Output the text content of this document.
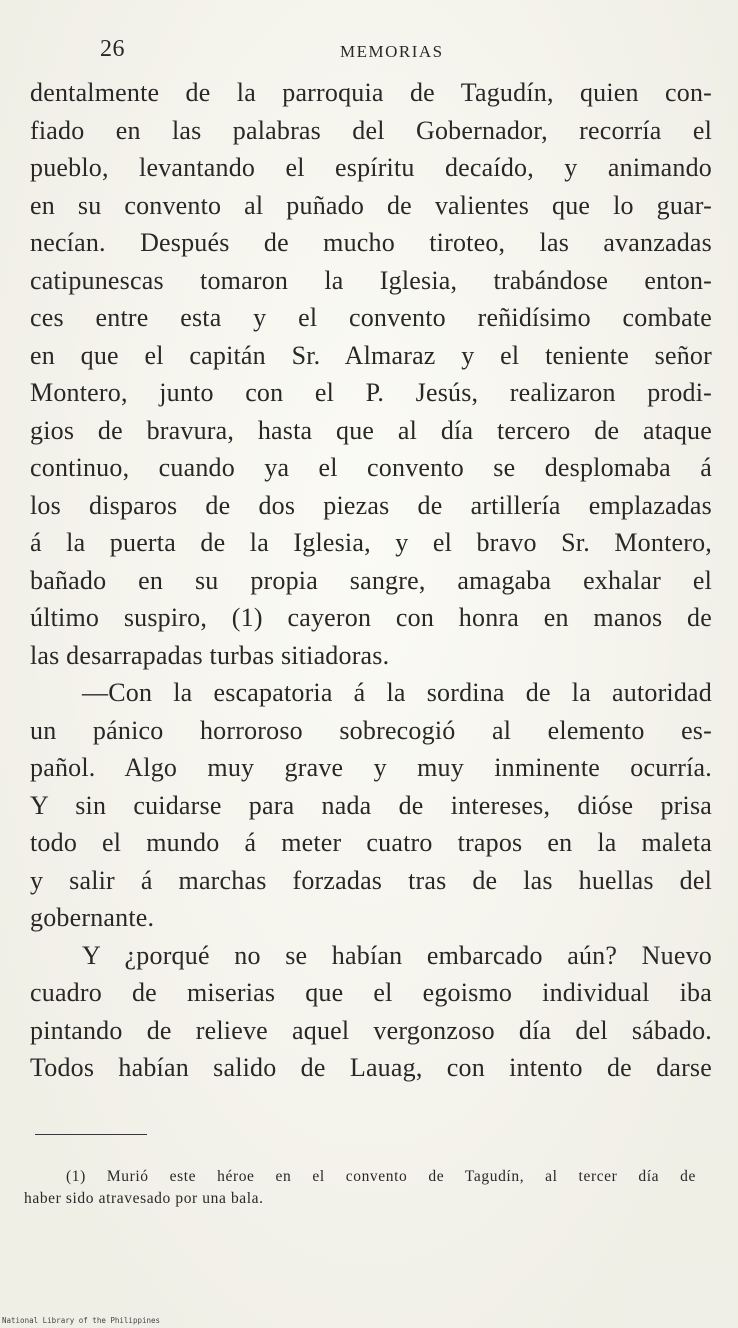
26	MEMORIAS
dentalmente de la parroquia de Tagudín, quien con-
fiado en las palabras del Gobernador, recorría el
pueblo, levantando el espíritu decaído, y animando
en su convento al puñado de valientes que lo guar-
necían. Después de mucho tiroteo, las avanzadas
catipunescas tomaron la Iglesia, trabándose enton-
ces entre esta y el convento reñidísimo combate
en que el capitán Sr. Almaraz y el teniente señor
Montero, junto con el P. Jesús, realizaron prodi-
gios de bravura, hasta que al día tercero de ataque
continuo, cuando ya el convento se desplomaba á
los disparos de dos piezas de artillería emplazadas
á la puerta de la Iglesia, y el bravo Sr. Montero,
bañado en su propia sangre, amagaba exhalar el
último suspiro, (1) cayeron con honra en manos de
las desarrapadas turbas sitiadoras.
—Con la escapatoria á la sordina de la autoridad
un pánico horroroso sobrecogió al elemento es-
pañol. Algo muy grave y muy inminente ocurría.
Y sin cuidarse para nada de intereses, dióse prisa
todo el mundo á meter cuatro trapos en la maleta
y salir á marchas forzadas tras de las huellas del
gobernante.
Y ¿porqué no se habían embarcado aún? Nuevo
cuadro de miserias que el egoismo individual iba
pintando de relieve aquel vergonzoso día del sábado.
Todos habían salido de Lauag, con intento de darse
(1) Murió este héroe en el convento de Tagudín, al tercer día de
haber sido atravesado por una bala.
National Library of the Philippines
